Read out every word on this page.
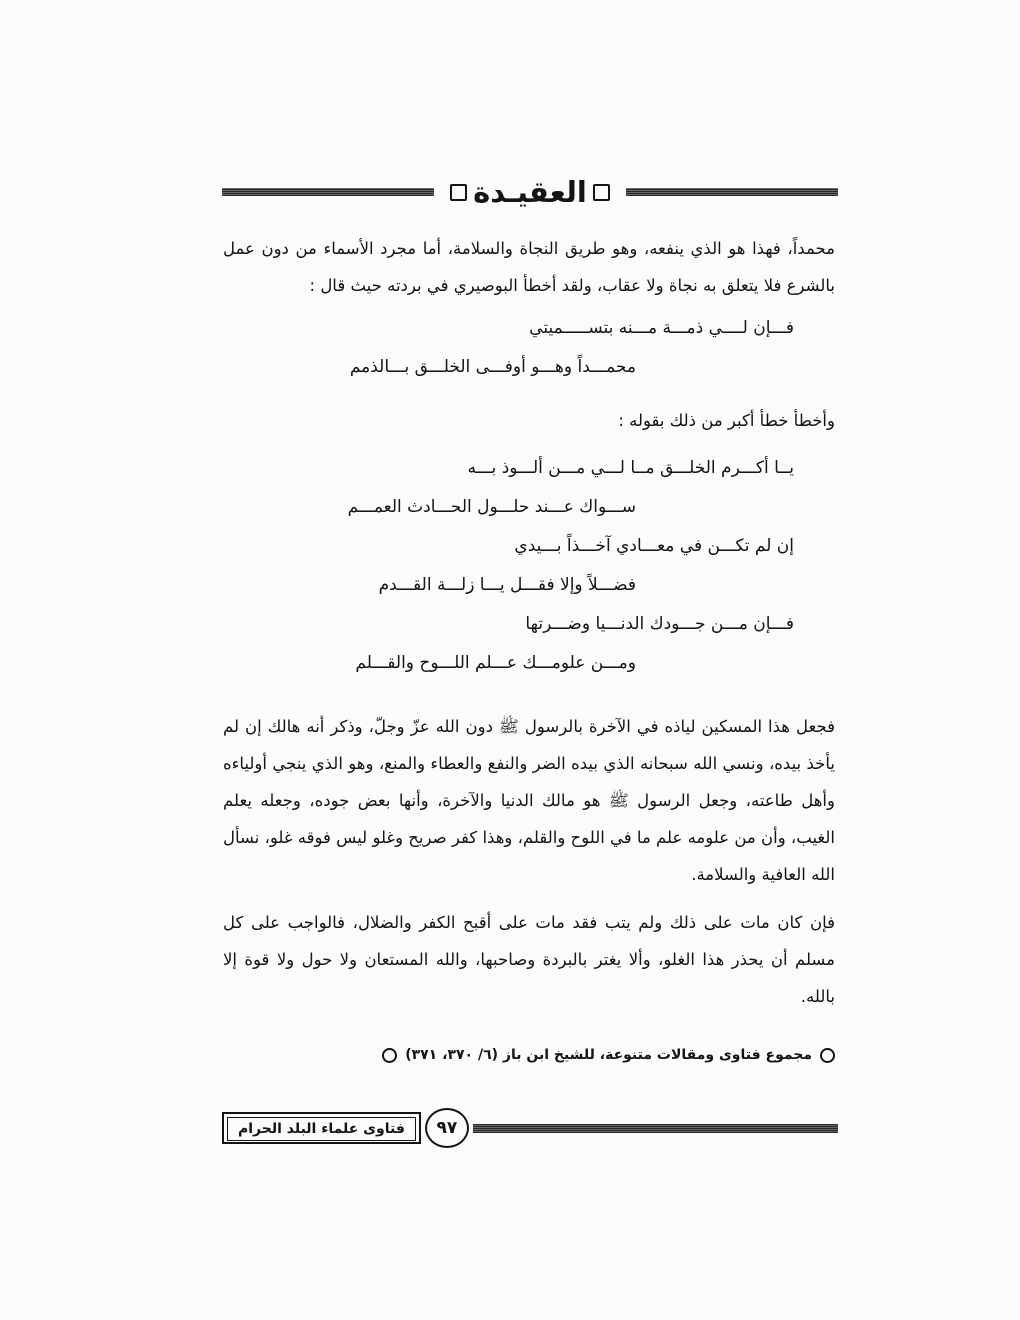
العقيـدة

محمداً، فهذا هو الذي ينفعه، وهو طريق النجاة والسلامة، أما مجرد الأسماء من دون عمل بالشرع فلا يتعلق به نجاة ولا عقاب، ولقد أخطأ البوصيري في بردته حيث قال :

فـــإن لــــي ذمـــة مـــنه بتســـــميتي
محمـــداً وهـــو أوفـــى الخلـــق بـــالذمم

وأخطأ خطأ أكبر من ذلك بقوله :

يــا أكـــرم الخلـــق مــا لـــي مـــن ألـــوذ بـــه
ســـواك عـــند حلـــول الحـــادث العمـــم
إن لم تكـــن في معـــادي آخـــذاً بـــيدي
فضـــلاً وإلا فقـــل يـــا زلـــة القـــدم
فـــإن مـــن جـــودك الدنـــيا وضـــرتها
ومـــن علومـــك عـــلم اللـــوح والقـــلم

فجعل هذا المسكين لياذه في الآخرة بالرسول ﷺ دون الله عزّ وجلّ، وذكر أنه هالك إن لم يأخذ بيده، ونسي الله سبحانه الذي بيده الضر والنفع والعطاء والمنع، وهو الذي ينجي أولياءه وأهل طاعته، وجعل الرسول ﷺ هو مالك الدنيا والآخرة، وأنها بعض جوده، وجعله يعلم الغيب، وأن من علومه علم ما في اللوح والقلم، وهذا كفر صريح وغلو ليس فوقه غلو، نسأل الله العافية والسلامة.

فإن كان مات على ذلك ولم يتب فقد مات على أقبح الكفر والضلال، فالواجب على كل مسلم أن يحذر هذا الغلو، وألا يغتر بالبردة وصاحبها، والله المستعان ولا حول ولا قوة إلا بالله.

مجموع فتاوى ومقالات متنوعة، للشيخ ابن باز (٦/ ٣٧٠، ٣٧١)
فتاوى علماء البلد الحرام	٩٧
